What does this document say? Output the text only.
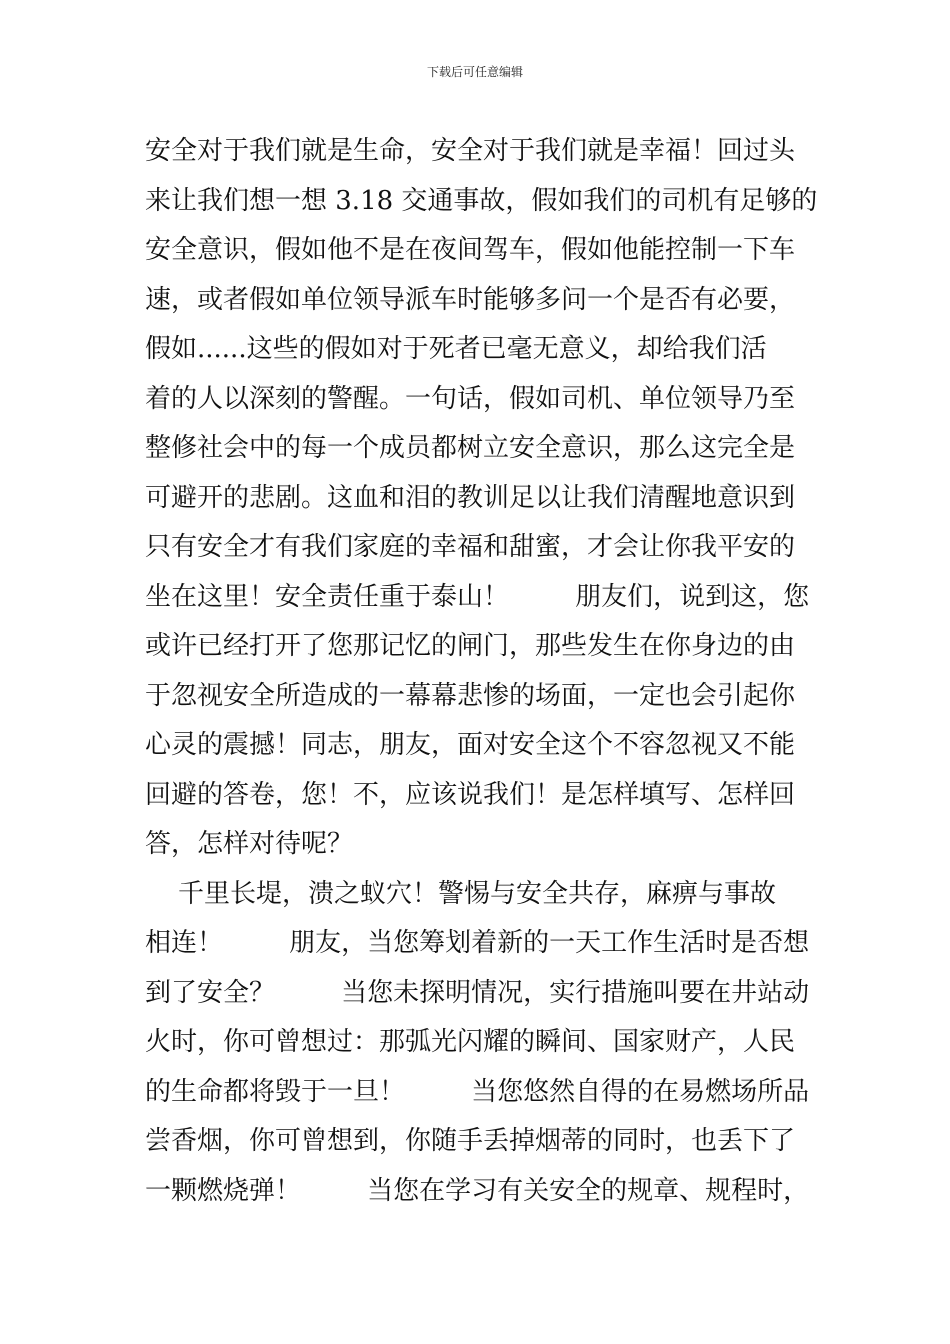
下载后可任意编辑
安全对于我们就是生命，安全对于我们就是幸福！回过头
来让我们想一想 3.18 交通事故，假如我们的司机有足够的
安全意识，假如他不是在夜间驾车，假如他能控制一下车
速，或者假如单位领导派车时能够多问一个是否有必要，
假如......这些的假如对于死者已毫无意义，却给我们活
着的人以深刻的警醒。一句话，假如司机、单位领导乃至
整修社会中的每一个成员都树立安全意识，那么这完全是
可避开的悲剧。这血和泪的教训足以让我们清醒地意识到
只有安全才有我们家庭的幸福和甜蜜，才会让你我平安的
坐在这里！安全责任重于泰山！        朋友们，说到这，您
或许已经打开了您那记忆的闸门，那些发生在你身边的由
于忽视安全所造成的一幕幕悲惨的场面，一定也会引起你
心灵的震撼！同志，朋友，面对安全这个不容忽视又不能
回避的答卷，您！不，应该说我们！是怎样填写、怎样回
答，怎样对待呢？
千里长堤，溃之蚁穴！警惕与安全共存，麻痹与事故
相连！        朋友，当您筹划着新的一天工作生活时是否想
到了安全？        当您未探明情况，实行措施叫要在井站动
火时，你可曾想过：那弧光闪耀的瞬间、国家财产，人民
的生命都将毁于一旦！        当您悠然自得的在易燃场所品
尝香烟，你可曾想到，你随手丢掉烟蒂的同时，也丢下了
一颗燃烧弹！        当您在学习有关安全的规章、规程时，
